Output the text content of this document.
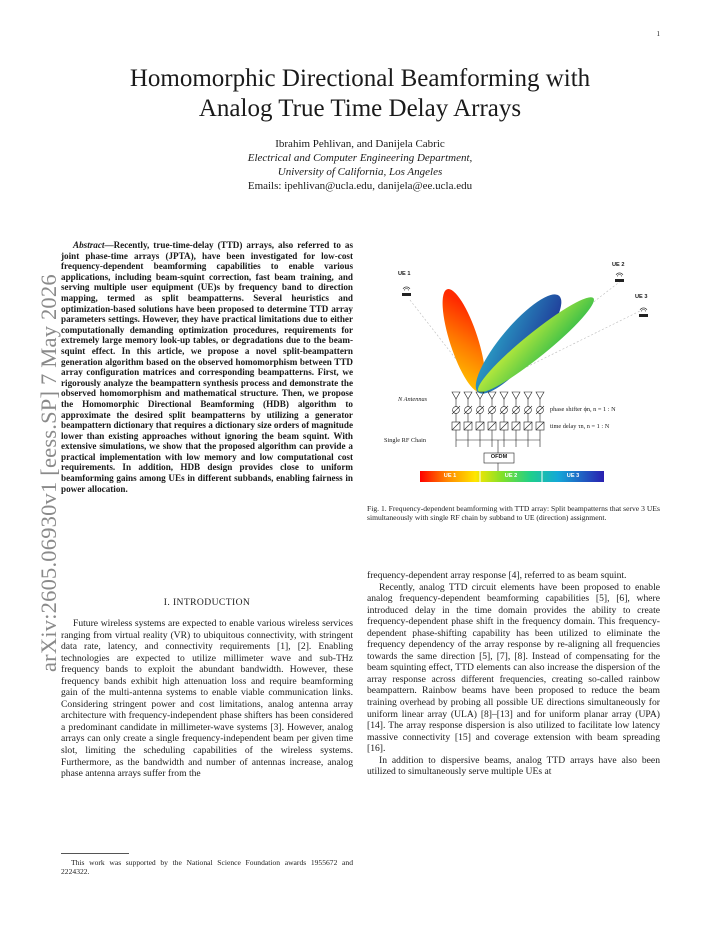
1
arXiv:2605.06930v1 [eess.SP] 7 May 2026
Homomorphic Directional Beamforming with
Analog True Time Delay Arrays
Ibrahim Pehlivan, and Danijela Cabric
Electrical and Computer Engineering Department,
University of California, Los Angeles
Emails: ipehlivan@ucla.edu, danijela@ee.ucla.edu
Abstract—Recently, true-time-delay (TTD) arrays, also referred to as joint phase-time arrays (JPTA), have been investigated for low-cost frequency-dependent beamforming capabilities to enable various applications, including beam-squint correction, fast beam training, and serving multiple user equipment (UE)s by frequency band to direction mapping, termed as split beampatterns. Several heuristics and optimization-based solutions have been proposed to determine TTD array parameters settings. However, they have practical limitations due to either computationally demanding optimization procedures, requirements for extremely large memory look-up tables, or degradations due to the beam-squint effect. In this article, we propose a novel split-beampattern generation algorithm based on the observed homomorphism between TTD array configuration matrices and corresponding beampatterns. First, we rigorously analyze the beampattern synthesis process and demonstrate the observed homomorphism and mathematical structure. Then, we propose the Homomorphic Directional Beamforming (HDB) algorithm to approximate the desired split beampatterns by utilizing a generator beampattern dictionary that requires a dictionary size orders of magnitude lower than existing approaches without ignoring the beam squint. With extensive simulations, we show that the proposed algorithm can provide a practical implementation with low memory and low computational cost requirements. In addition, HDB design provides close to uniform beamforming gains among UEs in different subbands, enabling fairness in power allocation.
I. INTRODUCTION

Future wireless systems are expected to enable various wireless services ranging from virtual reality (VR) to ubiquitous connectivity, with stringent data rate, latency, and connectivity requirements [1], [2]. Enabling technologies are expected to utilize millimeter wave and sub-THz frequency bands to exploit the abundant bandwidth. However, these frequency bands exhibit high attenuation loss and require beamforming gain of the multi-antenna systems to enable viable communication links. Considering stringent power and cost limitations, analog antenna array architecture with frequency-independent phase shifters has been considered a predominant candidate in millimeter-wave systems [3]. However, analog arrays can only create a single frequency-independent beam per given time slot, limiting the scheduling capabilities of the wireless systems. Furthermore, as the bandwidth and number of antennas increase, analog phase antenna arrays suffer from the

This work was supported by the National Science Foundation awards 1955672 and 2224322.
UE 1
UE 2
UE 3
N Antennas
phase shifter ϕn, n = 1 : N
time delay τn, n = 1 : N
Single RF Chain
OFDM
UE 1	UE 2	UE 3
Fig. 1. Frequency-dependent beamforming with TTD array: Split beampatterns that serve 3 UEs simultaneously with single RF chain by subband to UE (direction) assignment.

frequency-dependent array response [4], referred to as beam squint.

Recently, analog TTD circuit elements have been proposed to enable analog frequency-dependent beamforming capabilities [5], [6], where introduced delay in the time domain provides the ability to create frequency-dependent phase shift in the frequency domain. This frequency-dependent phase-shifting capability has been utilized to eliminate the frequency dependency of the array response by re-aligning all frequencies towards the same direction [5], [7], [8]. Instead of compensating for the beam squinting effect, TTD elements can also increase the dispersion of the array response across different frequencies, creating so-called rainbow beampattern. Rainbow beams have been proposed to reduce the beam training overhead by probing all possible UE directions simultaneously for uniform linear array (ULA) [8]–[13] and for uniform planar array (UPA) [14]. The array response dispersion is also utilized to facilitate low latency massive connectivity [15] and coverage extension with beam spreading [16].

In addition to dispersive beams, analog TTD arrays have also been utilized to simultaneously serve multiple UEs at
